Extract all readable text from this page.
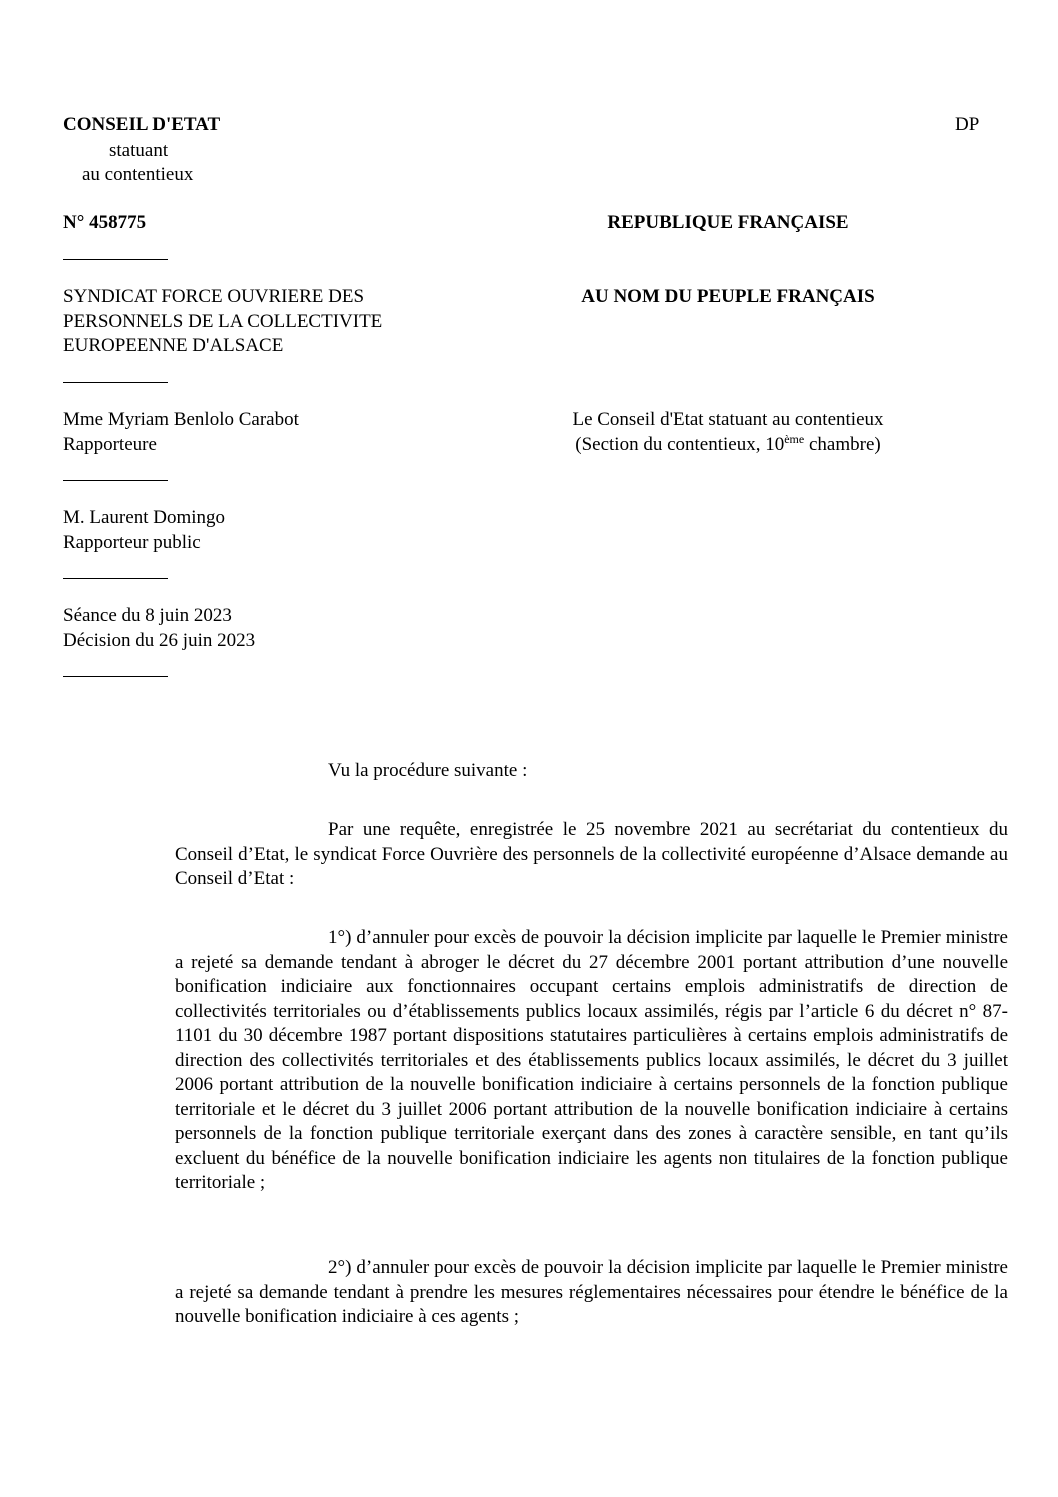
CONSEIL D'ETAT
statuant
au contentieux
DP
N° 458775	REPUBLIQUE FRANÇAISE
SYNDICAT FORCE OUVRIERE DES
PERSONNELS DE LA COLLECTIVITE
EUROPEENNE D'ALSACE
AU NOM DU PEUPLE FRANÇAIS
Mme Myriam Benlolo Carabot
Rapporteure
Le Conseil d'Etat statuant au contentieux
(Section du contentieux, 10ème chambre)
M. Laurent Domingo
Rapporteur public
Séance du 8 juin 2023
Décision du 26 juin 2023
Vu la procédure suivante :
Par une requête, enregistrée le 25 novembre 2021 au secrétariat du contentieux du Conseil d’Etat, le syndicat Force Ouvrière des personnels de la collectivité européenne d’Alsace demande au Conseil d’Etat :
1°) d’annuler pour excès de pouvoir la décision implicite par laquelle le Premier ministre a rejeté sa demande tendant à abroger le décret du 27 décembre 2001 portant attribution d’une nouvelle bonification indiciaire aux fonctionnaires occupant certains emplois administratifs de direction de collectivités territoriales ou d’établissements publics locaux assimilés, régis par l’article 6 du décret n° 87-1101 du 30 décembre 1987 portant dispositions statutaires particulières à certains emplois administratifs de direction des collectivités territoriales et des établissements publics locaux assimilés, le décret du 3 juillet 2006 portant attribution de la nouvelle bonification indiciaire à certains personnels de la fonction publique territoriale et le décret du 3 juillet 2006 portant attribution de la nouvelle bonification indiciaire à certains personnels de la fonction publique territoriale exerçant dans des zones à caractère sensible, en tant qu’ils excluent du bénéfice de la nouvelle bonification indiciaire les agents non titulaires de la fonction publique territoriale ;
2°) d’annuler pour excès de pouvoir la décision implicite par laquelle le Premier ministre a rejeté sa demande tendant à prendre les mesures réglementaires nécessaires pour étendre le bénéfice de la nouvelle bonification indiciaire à ces agents ;
